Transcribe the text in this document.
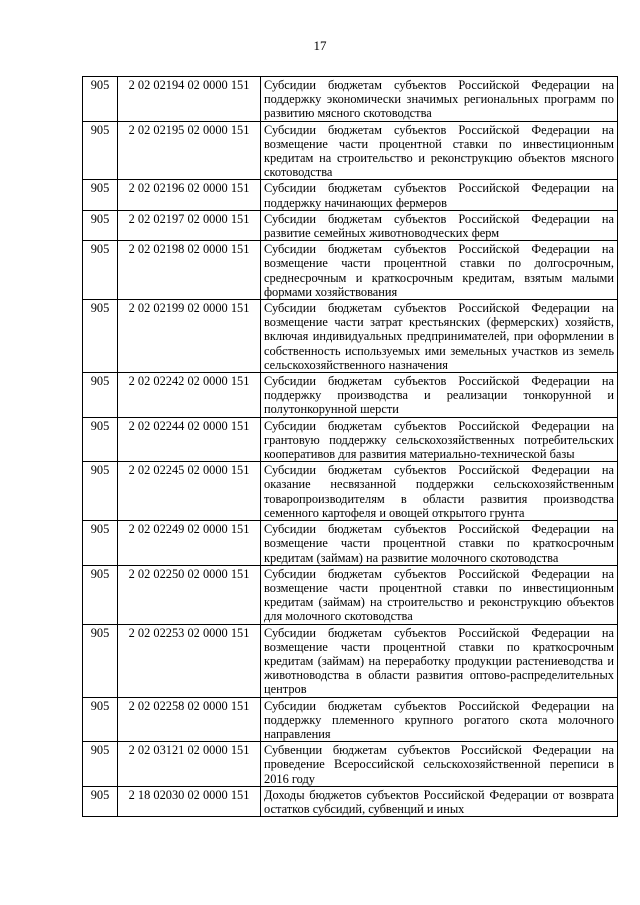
17
905	2 02 02194 02 0000 151	Субсидии бюджетам субъектов Российской Федерации на поддержку экономически значимых региональных программ по развитию мясного скотоводства

905	2 02 02195 02 0000 151	Субсидии бюджетам субъектов Российской Федерации на возмещение части процентной ставки по инвестиционным кредитам на строительство и реконструкцию объектов мясного скотоводства

905	2 02 02196 02 0000 151	Субсидии бюджетам субъектов Российской Федерации на поддержку начинающих фермеров

905	2 02 02197 02 0000 151	Субсидии бюджетам субъектов Российской Федерации на развитие семейных животноводческих ферм

905	2 02 02198 02 0000 151	Субсидии бюджетам субъектов Российской Федерации на возмещение части процентной ставки по долгосрочным, среднесрочным и краткосрочным кредитам, взятым малыми формами хозяйствования

905	2 02 02199 02 0000 151	Субсидии бюджетам субъектов Российской Федерации на возмещение части затрат крестьянских (фермерских) хозяйств, включая индивидуальных предпринимателей, при оформлении в собственность используемых ими земельных участков из земель сельскохозяйственного назначения

905	2 02 02242 02 0000 151	Субсидии бюджетам субъектов Российской Федерации на поддержку производства и реализации тонкорунной и полутонкорунной шерсти

905	2 02 02244 02 0000 151	Субсидии бюджетам субъектов Российской Федерации на грантовую поддержку сельскохозяйственных потребительских кооперативов для развития материально-технической базы

905	2 02 02245 02 0000 151	Субсидии бюджетам субъектов Российской Федерации на оказание несвязанной поддержки сельскохозяйственным товаропроизводителям в области развития производства семенного картофеля и овощей открытого грунта

905	2 02 02249 02 0000 151	Субсидии бюджетам субъектов Российской Федерации на возмещение части процентной ставки по краткосрочным кредитам (займам) на развитие молочного скотоводства

905	2 02 02250 02 0000 151	Субсидии бюджетам субъектов Российской Федерации на возмещение части процентной ставки по инвестиционным кредитам (займам) на строительство и реконструкцию объектов для молочного скотоводства

905	2 02 02253 02 0000 151	Субсидии бюджетам субъектов Российской Федерации на возмещение части процентной ставки по краткосрочным кредитам (займам) на переработку продукции растениеводства и животноводства в области развития оптово-распределительных центров

905	2 02 02258 02 0000 151	Субсидии бюджетам субъектов Российской Федерации на поддержку племенного крупного рогатого скота молочного направления

905	2 02 03121 02 0000 151	Субвенции бюджетам субъектов Российской Федерации на проведение Всероссийской сельскохозяйственной переписи в 2016 году

905	2 18 02030 02 0000 151	Доходы бюджетов субъектов Российской Федерации от возврата остатков субсидий, субвенций и иных
